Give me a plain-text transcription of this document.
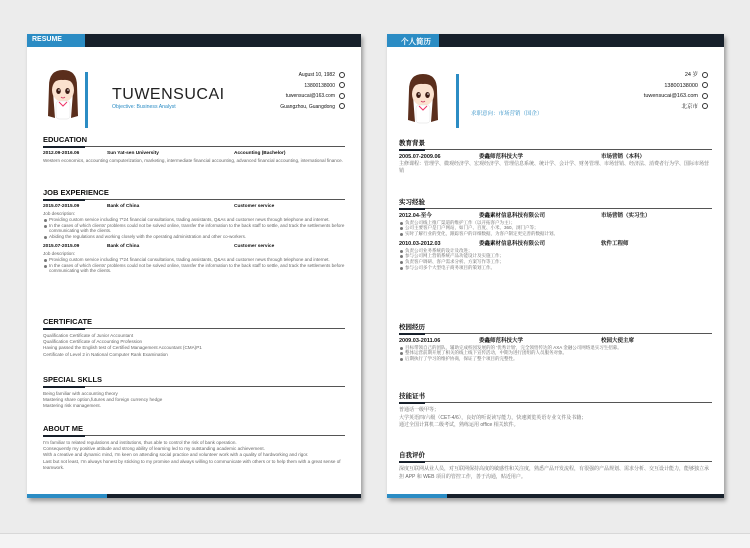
RESUME
TUWENSUCAI
Objective: Business Analyst
August 10, 1982
13800138000
tuwensucai@163.com
Guangzhou, Guangdong
EDUCATION
2012.09-2016.06	Sun Yat-sen University	Accounting (Bachelor)
Western economics, accounting computerization, marketing, intermediate financial accounting, advanced financial accounting, international finance.
JOB EXPERIENCE
2015.07-2015.09	Bank of China	Customer service
Job description:
Providing custom service including 7*24 financial consultations, trading assistants, Q&As and customer news through telephone and internet.
In the cases of which clients' problems could not be solved online, transfer the information to the back staff to settle, and track the settlements before communicating with the clients.
Abiding the regulations and working closely with the operating administration and other co-workers.
2015.07-2015.09	Bank of China	Customer service
Job description:
Providing custom service including 7*24 financial consultations, trading assistants, Q&As and customer news through telephone and internet.
In the cases of which clients' problems could not be solved online, transfer the information to the back staff to settle, and track the settlements before communicating with the clients.
CERTIFICATE
Qualification Certificate of Junior Accountant
Qualification Certificate of Accounting Profession
Having passed the English test of Certified Management Accountant (CMA)P1
Certificate of Level 2 in National Computer Rank Examination
SPECIAL SKLLS
Being familiar with accounting theory
Mastering share option,futures and foreign currency hedge
Mastering risk management.
ABOUT ME
I'm familiar to related regulations and institutions, thus able to control the risk of bank operation.
Consequently my positive attitude and strong ability of learning led to my outstanding academic achievement.
With a creative and dynamic mind, I'm keen on attending social practice and volunteer work with a quality of hardworking and rigor.
Last but not least, I'm always honest by sticking to my promise and always willing to communicate with others or to help them with a great sense of teamwork.
个人简历
求职意向：市场营销（国企）
24 岁
13800138000
tuwensucai@163.com
北京市
教育背景
2005.07-2009.06	委鑫师范科技大学	市场营销（本科）
主修课程：管理学、微观经济学、宏观经济学、管理信息系统、统计学、会计学、财务管理、市场营销、经济法、消费者行为学、国际市场营销
实习经验
2012.04-至今	委鑫素材信息科技有限公司	市场营销（实习生）
负责公司线上推广渠道的维护工作（以开拓客户为主）；
公司主要客户是门户网站，如门户、百度、小米、360、浏门户等；
实时了解行业的变化，跟踪客户的详细数据，为客户制定更完善的数据计划。
2010.03-2012.03	委鑫素材信息科技有限公司	软件工程师
负责公司业务系统的设计及改进；
参与公司网上营销系统产品功能设计及实施工作；
负责客户调研、客户需求分析、方案写作等工作；
参与公司多个大型电子商务项目的策划工作。
校园经历
2009.03-2011.06	委鑫师范科技大学	校园大使主席
目标带领自己的团队，辅助完成校园发展的的 '优秀计划'，完全领悟传达的 AXA 金融公司网络退实习生招募。
整体运营前期开展了相关的线上线下宣传活动，中期为进行团组的人员服务对象。
后期执行了学习的维护协商，保证了整个项目的完整性。
技能证书
普通话一级甲等；
大学英语四/六级（CET-4/6），良好的听说读写能力，快速浏览英语专业文件及书籍；
通过全国计算机二级考试，熟练运用 office 相关软件。
自我评价
深度互联网从业人员，对互联网保持高度的敏感性和关注度，熟悉产品开发流程，有很强的产品规划、需求分析、交互设计能力，能够独立承担 APP 和 WEB 项目的管控工作，善于沟通，贴近用户。
